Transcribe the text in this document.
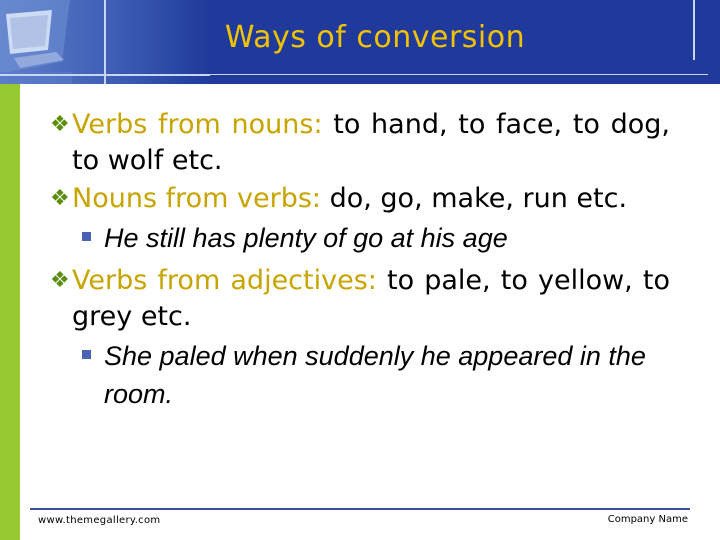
Ways of conversion
❖ Verbs from nouns: to hand, to face, to dog, to wolf etc.
❖ Nouns from verbs: do, go, make, run etc.
He still has plenty of go at his age
❖ Verbs from adjectives: to pale, to yellow, to grey etc.
She paled when suddenly he appeared in the room.
www.themegallery.com	Company Name
